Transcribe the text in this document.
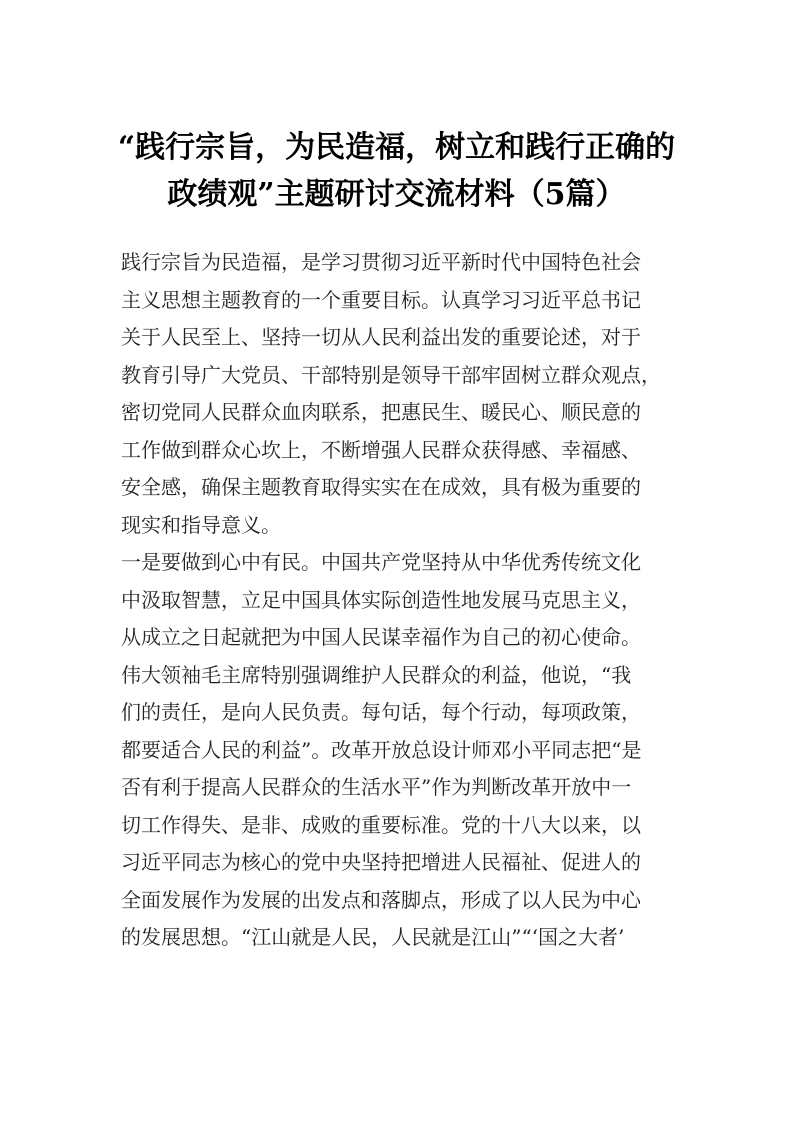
“践行宗旨，为民造福，树立和践行正确的
政绩观”主题研讨交流材料（5篇）
践行宗旨为民造福，是学习贯彻习近平新时代中国特色社会
主义思想主题教育的一个重要目标。认真学习习近平总书记
关于人民至上、坚持一切从人民利益出发的重要论述，对于
教育引导广大党员、干部特别是领导干部牢固树立群众观点，
密切党同人民群众血肉联系，把惠民生、暖民心、顺民意的
工作做到群众心坎上，不断增强人民群众获得感、幸福感、
安全感，确保主题教育取得实实在在成效，具有极为重要的
现实和指导意义。
一是要做到心中有民。中国共产党坚持从中华优秀传统文化
中汲取智慧，立足中国具体实际创造性地发展马克思主义，
从成立之日起就把为中国人民谋幸福作为自己的初心使命。
伟大领袖毛主席特别强调维护人民群众的利益，他说，“我
们的责任，是向人民负责。每句话，每个行动，每项政策，
都要适合人民的利益”。改革开放总设计师邓小平同志把“是
否有利于提高人民群众的生活水平”作为判断改革开放中一
切工作得失、是非、成败的重要标准。党的十八大以来，以
习近平同志为核心的党中央坚持把增进人民福祉、促进人的
全面发展作为发展的出发点和落脚点，形成了以人民为中心
的发展思想。“江山就是人民，人民就是江山”“‘国之大者’
